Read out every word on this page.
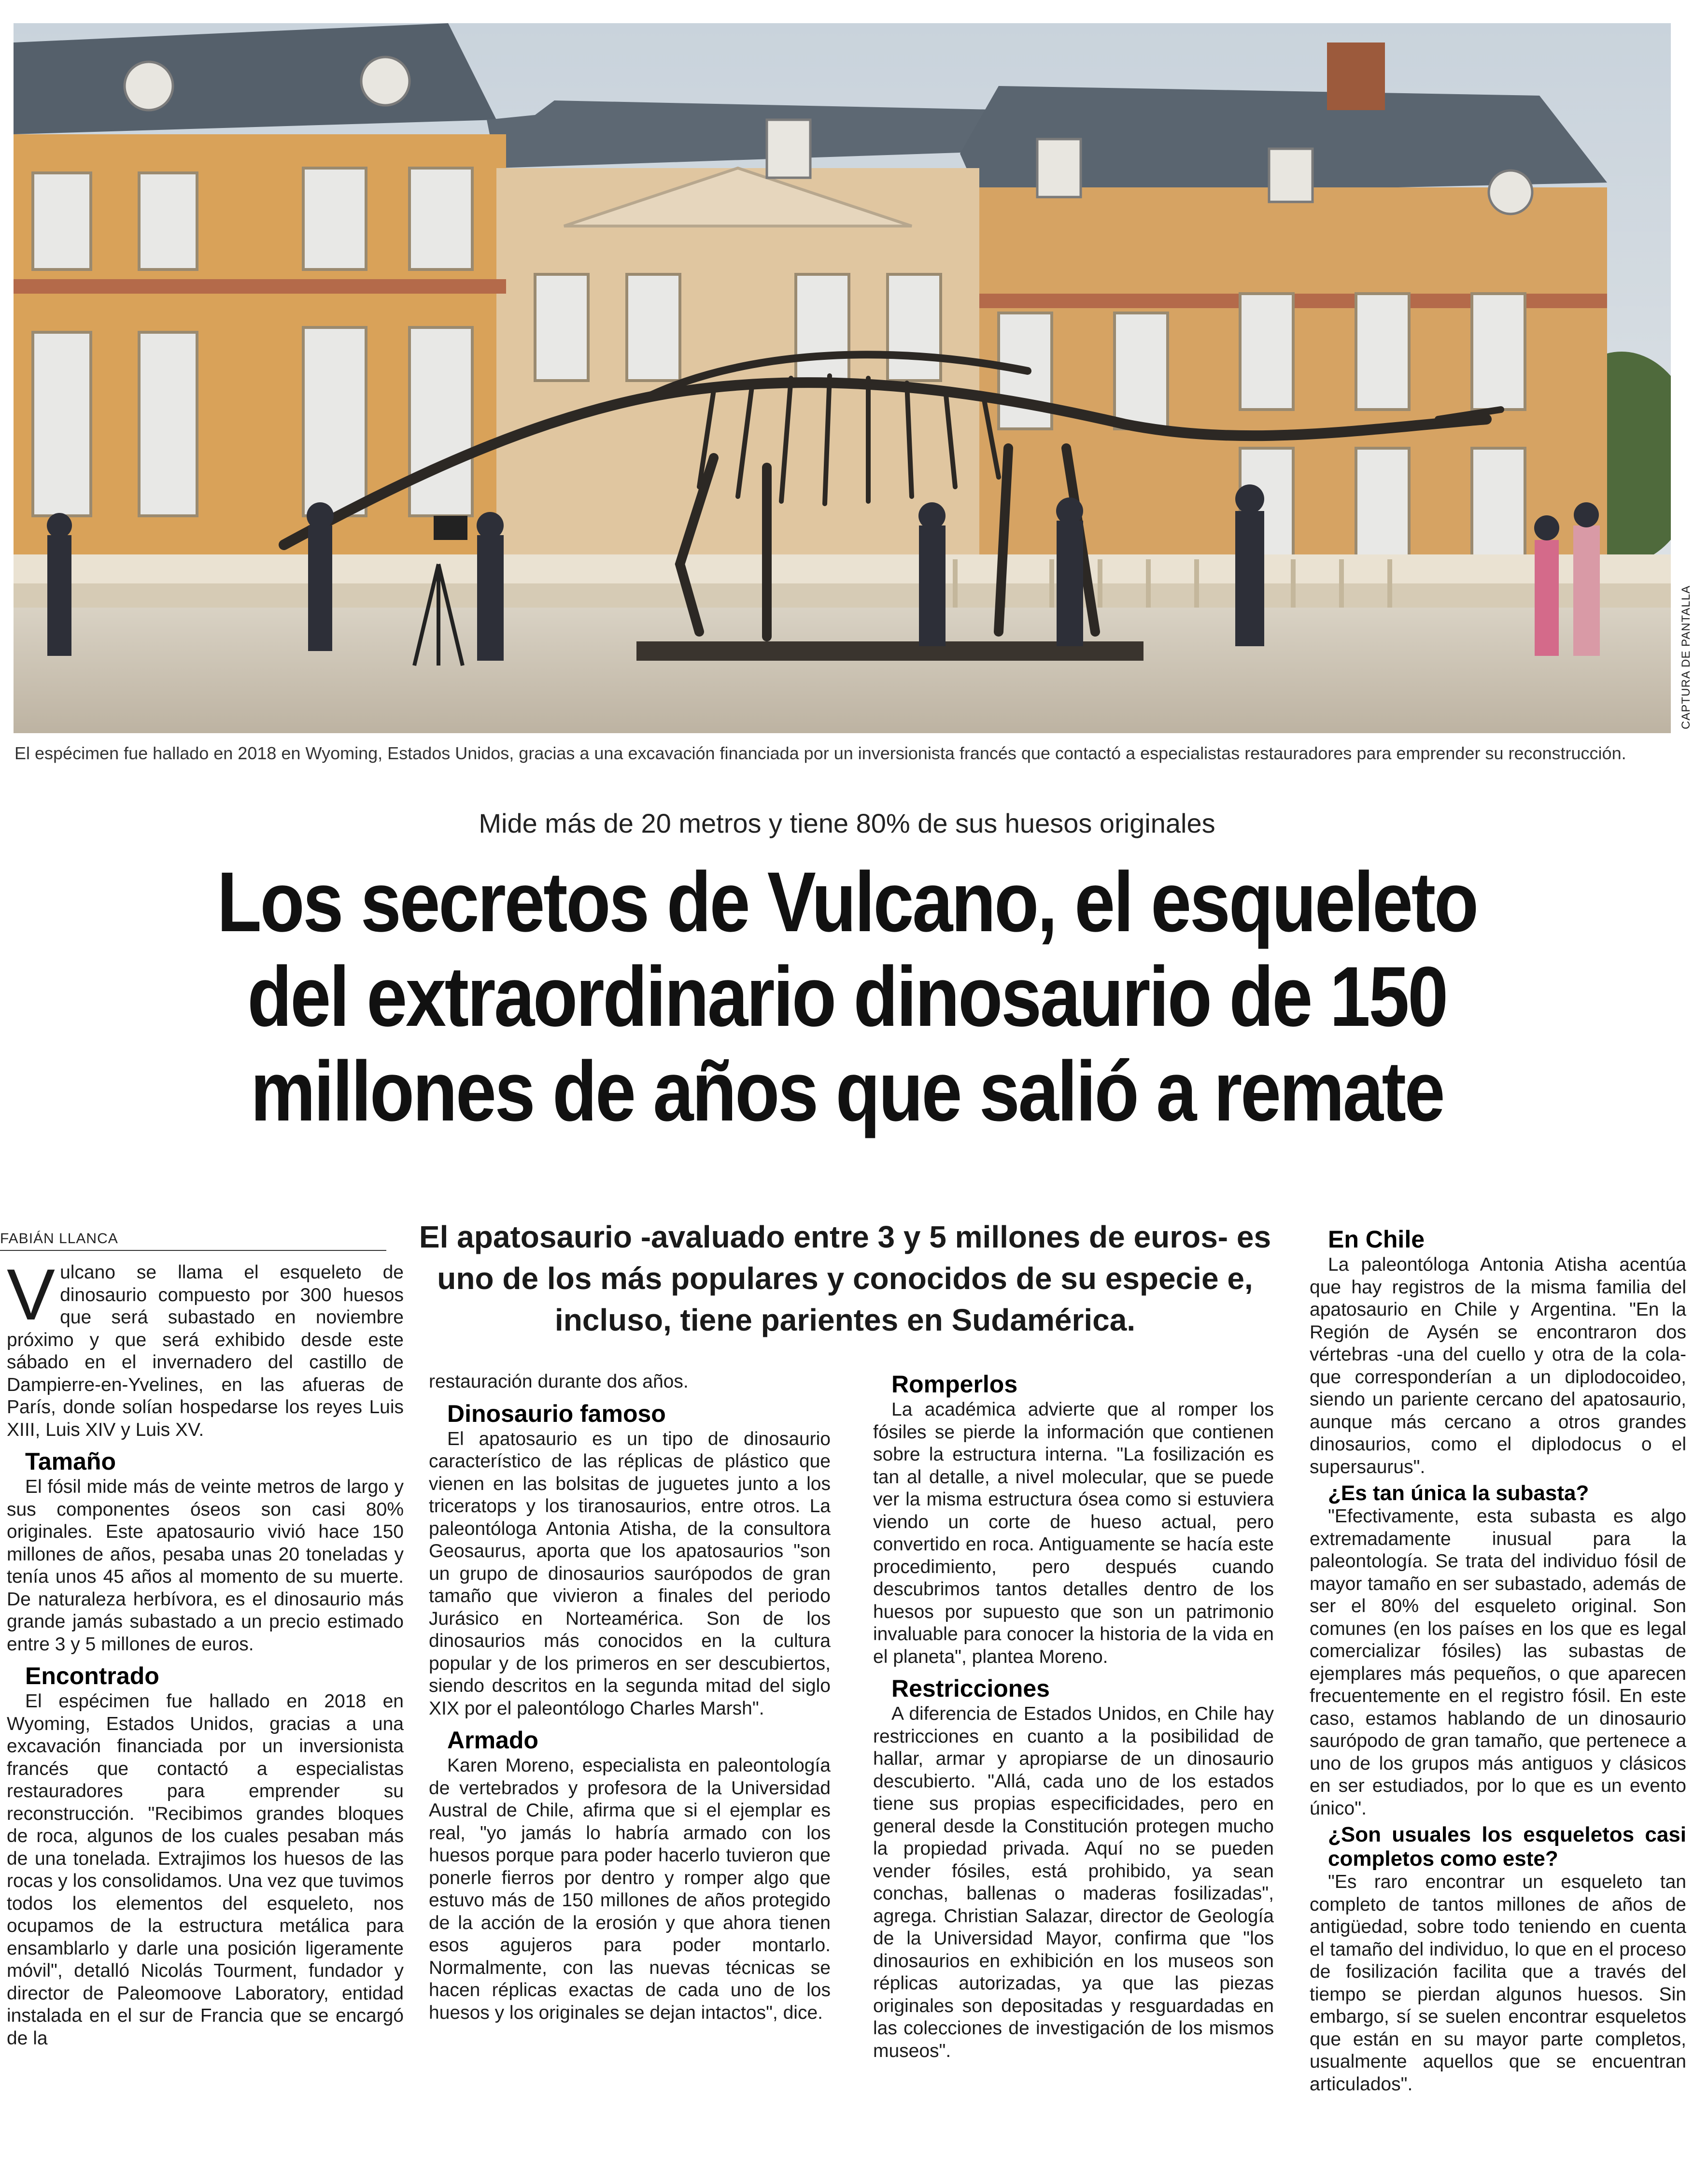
CAPTURA DE PANTALLA
El espécimen fue hallado en 2018 en Wyoming, Estados Unidos, gracias a una excavación financiada por un inversionista francés que contactó a especialistas restauradores para emprender su reconstrucción.
Mide más de 20 metros y tiene 80% de sus huesos originales
Los secretos de Vulcano, el esqueleto
del extraordinario dinosaurio de 150
millones de años que salió a remate
FABIÁN LLANCA	El apatosaurio -avaluado entre 3 y 5 millones de euros- es uno de los más populares y conocidos de su especie e, incluso, tiene parientes en Sudamérica.

Vulcano se llama el esqueleto de dinosaurio compuesto por 300 huesos que será subastado en noviembre próximo y que será exhibido desde este sábado en el invernadero del castillo de Dampierre-en-Yvelines, en las afueras de París, donde solían hospedarse los reyes Luis XIII, Luis XIV y Luis XV.

Tamaño

El fósil mide más de veinte metros de largo y sus componentes óseos son casi 80% originales. Este apatosaurio vivió hace 150 millones de años, pesaba unas 20 toneladas y tenía unos 45 años al momento de su muerte. De naturaleza herbívora, es el dinosaurio más grande jamás subastado a un precio estimado entre 3 y 5 millones de euros.

Encontrado

El espécimen fue hallado en 2018 en Wyoming, Estados Unidos, gracias a una excavación financiada por un inversionista francés que contactó a especialistas restauradores para emprender su reconstrucción. "Recibimos grandes bloques de roca, algunos de los cuales pesaban más de una tonelada. Extrajimos los huesos de las rocas y los consolidamos. Una vez que tuvimos todos los elementos del esqueleto, nos ocupamos de la estructura metálica para ensamblarlo y darle una posición ligeramente móvil", detalló Nicolás Tourment, fundador y director de Paleomoove Laboratory, entidad instalada en el sur de Francia que se encargó de la

restauración durante dos años.

Dinosaurio famoso

El apatosaurio es un tipo de dinosaurio característico de las réplicas de plástico que vienen en las bolsitas de juguetes junto a los triceratops y los tiranosaurios, entre otros. La paleontóloga Antonia Atisha, de la consultora Geosaurus, aporta que los apatosaurios "son un grupo de dinosaurios saurópodos de gran tamaño que vivieron a finales del periodo Jurásico en Norteamérica. Son de los dinosaurios más conocidos en la cultura popular y de los primeros en ser descubiertos, siendo descritos en la segunda mitad del siglo XIX por el paleontólogo Charles Marsh".

Armado

Karen Moreno, especialista en paleontología de vertebrados y profesora de la Universidad Austral de Chile, afirma que si el ejemplar es real, "yo jamás lo habría armado con los huesos porque para poder hacerlo tuvieron que ponerle fierros por dentro y romper algo que estuvo más de 150 millones de años protegido de la acción de la erosión y que ahora tienen esos agujeros para poder montarlo. Normalmente, con las nuevas técnicas se hacen réplicas exactas de cada uno de los huesos y los originales se dejan intactos", dice.

Romperlos

La académica advierte que al romper los fósiles se pierde la información que contienen sobre la estructura interna. "La fosilización es tan al detalle, a nivel molecular, que se puede ver la misma estructura ósea como si estuviera viendo un corte de hueso actual, pero convertido en roca. Antiguamente se hacía este procedimiento, pero después cuando descubrimos tantos detalles dentro de los huesos por supuesto que son un patrimonio invaluable para conocer la historia de la vida en el planeta", plantea Moreno.

Restricciones

A diferencia de Estados Unidos, en Chile hay restricciones en cuanto a la posibilidad de hallar, armar y apropiarse de un dinosaurio descubierto. "Allá, cada uno de los estados tiene sus propias especificidades, pero en general desde la Constitución protegen mucho la propiedad privada. Aquí no se pueden vender fósiles, está prohibido, ya sean conchas, ballenas o maderas fosilizadas", agrega. Christian Salazar, director de Geología de la Universidad Mayor, confirma que "los dinosaurios en exhibición en los museos son réplicas autorizadas, ya que las piezas originales son depositadas y resguardadas en las colecciones de investigación de los mismos museos".

En Chile

La paleontóloga Antonia Atisha acentúa que hay registros de la misma familia del apatosaurio en Chile y Argentina. "En la Región de Aysén se encontraron dos vértebras -una del cuello y otra de la cola- que corresponderían a un diplodocoideo, siendo un pariente cercano del apatosaurio, aunque más cercano a otros grandes dinosaurios, como el diplodocus o el supersaurus".

¿Es tan única la subasta?

"Efectivamente, esta subasta es algo extremadamente inusual para la paleontología. Se trata del individuo fósil de mayor tamaño en ser subastado, además de ser el 80% del esqueleto original. Son comunes (en los países en los que es legal comercializar fósiles) las subastas de ejemplares más pequeños, o que aparecen frecuentemente en el registro fósil. En este caso, estamos hablando de un dinosaurio saurópodo de gran tamaño, que pertenece a uno de los grupos más antiguos y clásicos en ser estudiados, por lo que es un evento único".

¿Son usuales los esqueletos casi completos como este?

"Es raro encontrar un esqueleto tan completo de tantos millones de años de antigüedad, sobre todo teniendo en cuenta el tamaño del individuo, lo que en el proceso de fosilización facilita que a través del tiempo se pierdan algunos huesos. Sin embargo, sí se suelen encontrar esqueletos que están en su mayor parte completos, usualmente aquellos que se encuentran articulados".
